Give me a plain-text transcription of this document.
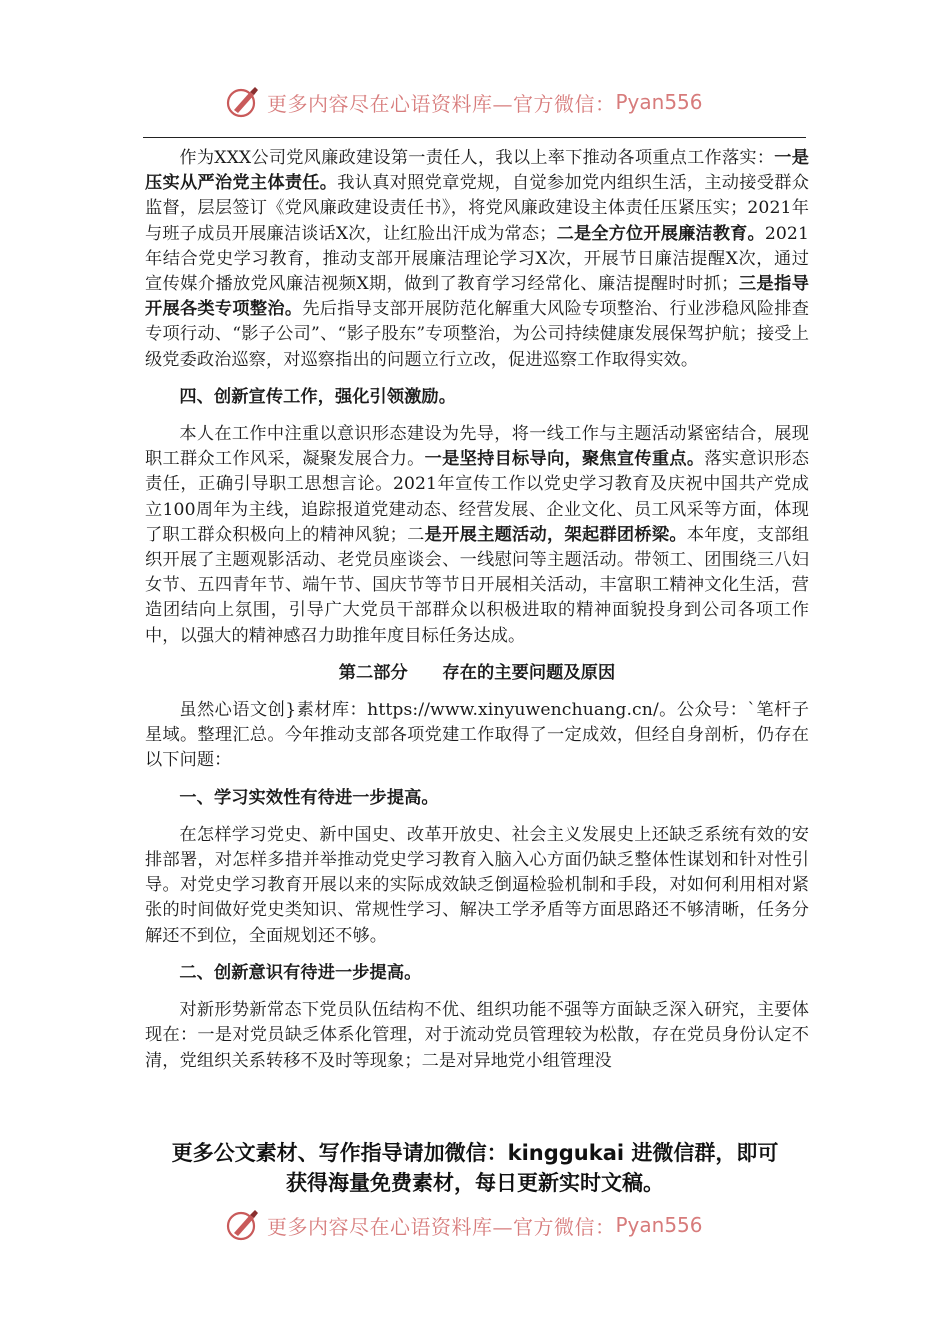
更多内容尽在心语资料库—官方微信： Pyan556

作为XXX公司党风廉政建设第一责任人，我以上率下推动各项重点工作落实：一是压实从严治党主体责任。我认真对照党章党规，自觉参加党内组织生活，主动接受群众监督，层层签订《党风廉政建设责任书》，将党风廉政建设主体责任压紧压实；2021年与班子成员开展廉洁谈话X次，让红脸出汗成为常态；二是全方位开展廉洁教育。2021年结合党史学习教育，推动支部开展廉洁理论学习X次，开展节日廉洁提醒X次，通过宣传媒介播放党风廉洁视频X期，做到了教育学习经常化、廉洁提醒时时抓；三是指导开展各类专项整治。先后指导支部开展防范化解重大风险专项整治、行业涉稳风险排查专项行动、“影子公司”、“影子股东”专项整治，为公司持续健康发展保驾护航；接受上级党委政治巡察，对巡察指出的问题立行立改，促进巡察工作取得实效。

四、创新宣传工作，强化引领激励。

本人在工作中注重以意识形态建设为先导，将一线工作与主题活动紧密结合，展现职工群众工作风采，凝聚发展合力。一是坚持目标导向，聚焦宣传重点。落实意识形态责任，正确引导职工思想言论。2021年宣传工作以党史学习教育及庆祝中国共产党成立100周年为主线，追踪报道党建动态、经营发展、企业文化、员工风采等方面，体现了职工群众积极向上的精神风貌；二是开展主题活动，架起群团桥梁。本年度，支部组织开展了主题观影活动、老党员座谈会、一线慰问等主题活动。带领工、团围绕三八妇女节、五四青年节、端午节、国庆节等节日开展相关活动，丰富职工精神文化生活，营造团结向上氛围，引导广大党员干部群众以积极进取的精神面貌投身到公司各项工作中，以强大的精神感召力助推年度目标任务达成。

第二部分　　存在的主要问题及原因

虽然心语文创}素材库：https://www.xinyuwenchuang.cn/。公众号：`笔杆子星域。整理汇总。今年推动支部各项党建工作取得了一定成效，但经自身剖析，仍存在以下问题：

一、学习实效性有待进一步提高。

在怎样学习党史、新中国史、改革开放史、社会主义发展史上还缺乏系统有效的安排部署，对怎样多措并举推动党史学习教育入脑入心方面仍缺乏整体性谋划和针对性引导。对党史学习教育开展以来的实际成效缺乏倒逼检验机制和手段，对如何利用相对紧张的时间做好党史类知识、常规性学习、解决工学矛盾等方面思路还不够清晰，任务分解还不到位，全面规划还不够。

二、创新意识有待进一步提高。

对新形势新常态下党员队伍结构不优、组织功能不强等方面缺乏深入研究，主要体现在：一是对党员缺乏体系化管理，对于流动党员管理较为松散，存在党员身份认定不清，党组织关系转移不及时等现象；二是对异地党小组管理没

更多公文素材、写作指导请加微信：kinggukai 进微信群，即可
获得海量免费素材，每日更新实时文稿。
更多内容尽在心语资料库—官方微信： Pyan556
